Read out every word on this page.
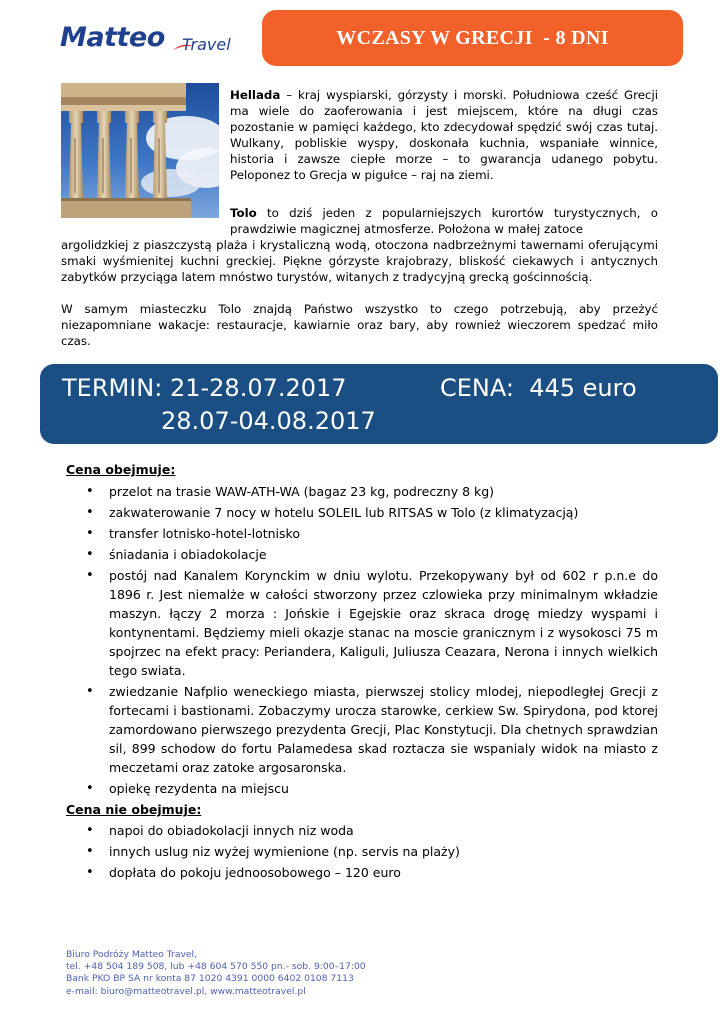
Matteo Travel	WCZASY W GRECJI  - 8 DNI

Hellada – kraj wyspiarski, górzysty i morski. Południowa cześć Grecji ma wiele do zaoferowania i jest miejscem, które na długi czas pozostanie w pamięci każdego, kto zdecydował spędzić swój czas tutaj. Wulkany, pobliskie wyspy, doskonała kuchnia, wspaniałe winnice, historia i zawsze ciepłe morze – to gwarancja udanego pobytu. Peloponez to Grecja w pigułce – raj na ziemi.

Tolo to dziś jeden z popularniejszych kurortów turystycznych, o prawdziwie magicznej atmosferze. Położona w małej zatoce

argolidzkiej z piaszczystą plaża i krystaliczną wodą, otoczona nadbrzeżnymi tawernami oferującymi smaki wyśmienitej kuchni greckiej. Piękne górzyste krajobrazy, bliskość ciekawych i antycznych zabytków przyciąga latem mnóstwo turystów, witanych z tradycyjną grecką gościnnością.

W samym miasteczku Tolo znajdą Państwo wszystko to czego potrzebują, aby przeżyć niezapomniane wakacje: restauracje, kawiarnie oraz bary, aby rownież wieczorem spedzać miło czas.

TERMIN: 21-28.07.2017	CENA:  445 euro
28.07-04.08.2017
Cena obejmuje:
• przelot na trasie WAW-ATH-WA (bagaz 23 kg, podreczny 8 kg)
• zakwaterowanie 7 nocy w hotelu SOLEIL lub RITSAS w Tolo (z klimatyzacją)
• transfer lotnisko-hotel-lotnisko
• śniadania i obiadokolacje
• postój nad Kanalem Korynckim w dniu wylotu. Przekopywany był od 602 r p.n.e do 1896 r. Jest niemalże w całości stworzony przez czlowieka przy minimalnym wkładzie maszyn. łączy 2 morza : Jońskie i Egejskie oraz skraca drogę miedzy wyspami i kontynentami. Będziemy mieli okazje stanac na moscie granicznym i z wysokosci 75 m spojrzec na efekt pracy: Periandera, Kaliguli, Juliusza Ceazara, Nerona i innych wielkich tego swiata.
• zwiedzanie Nafplio weneckiego miasta, pierwszej stolicy mlodej, niepodległej Grecji z fortecami i bastionami. Zobaczymy urocza starowke, cerkiew Sw. Spirydona, pod ktorej zamordowano pierwszego prezydenta Grecji, Plac Konstytucji. Dla chetnych sprawdzian sil, 899 schodow do fortu Palamedesa skad roztacza sie wspanialy widok na miasto z meczetami oraz zatoke argosaronska.
• opiekę rezydenta na miejscu
Cena nie obejmuje:
• napoi do obiadokolacji innych niz woda
• innych uslug niz wyżej wymienione (np. servis na plaży)
• dopłata do pokoju jednoosobowego – 120 euro
Biuro Podróży Matteo Travel,
tel. +48 504 189 508, lub +48 604 570 550 pn.- sob. 9:00–17:00
Bank PKO BP SA nr konta 87 1020 4391 0000 6402 0108 7113
e-mail: biuro@matteotravel.pl, www.matteotravel.pl
